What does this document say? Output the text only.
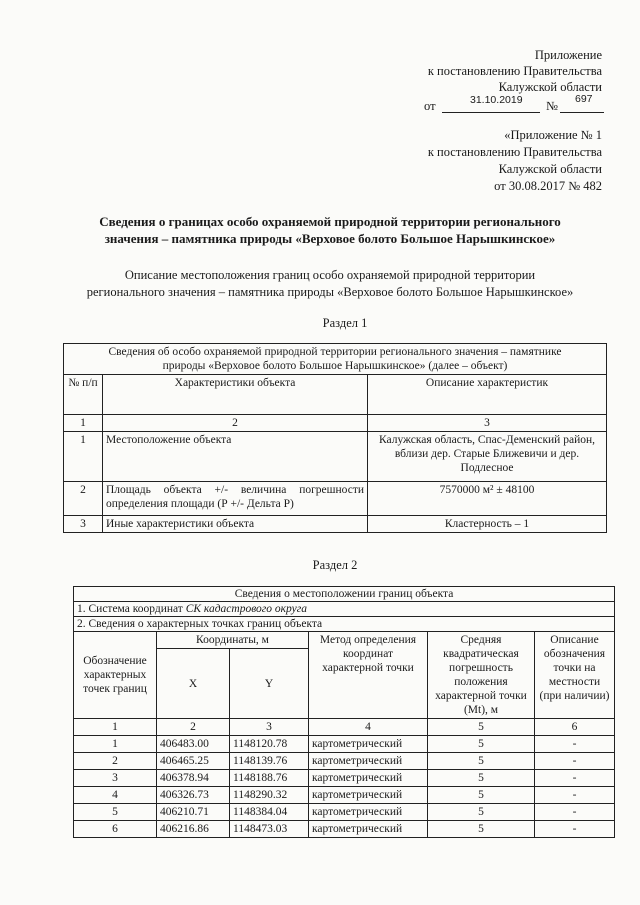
Приложение
к постановлению Правительства
Калужской области
от	31.10.2019 № 697
«Приложение № 1
к постановлению Правительства
Калужской области
от 30.08.2017 № 482
Сведения о границах особо охраняемой природной территории регионального
значения – памятника природы «Верховое болото Большое Нарышкинское»
Описание местоположения границ особо охраняемой природной территории
регионального значения – памятника природы «Верховое болото Большое Нарышкинское»
Раздел 1
Сведения об особо охраняемой природной территории регионального значения – памятнике
природы «Верховое болото Большое Нарышкинское» (далее – объект)		
№ п/п	Характеристики объекта	Описание характеристик
1	2	3
1	Местоположение объекта	Калужская область, Спас-Деменский район, вблизи дер. Старые Ближевичи и дер. Подлесное
2	Площадь объекта +/- величина погрешности определения площади (Р +/- Дельта Р)	7570000 м² ± 48100
3	Иные характеристики объекта	Кластерность – 1
Раздел 2
Сведения о местоположении границ объекта					
1. Система координат СК кадастрового округа					
2. Сведения о характерных точках границ объекта					
Обозначение характерных точек границ	Координаты, м		Метод определения координат характерной точки	Средняя квадратическая погрешность положения характерной точки (Mt), м	Описание обозначения точки на местности (при наличии)
	X	Y			
1	2	3	4	5	6
1	406483.00	1148120.78	картометрический	5	-
2	406465.25	1148139.76	картометрический	5	-
3	406378.94	1148188.76	картометрический	5	-
4	406326.73	1148290.32	картометрический	5	-
5	406210.71	1148384.04	картометрический	5	-
6	406216.86	1148473.03	картометрический	5	-
